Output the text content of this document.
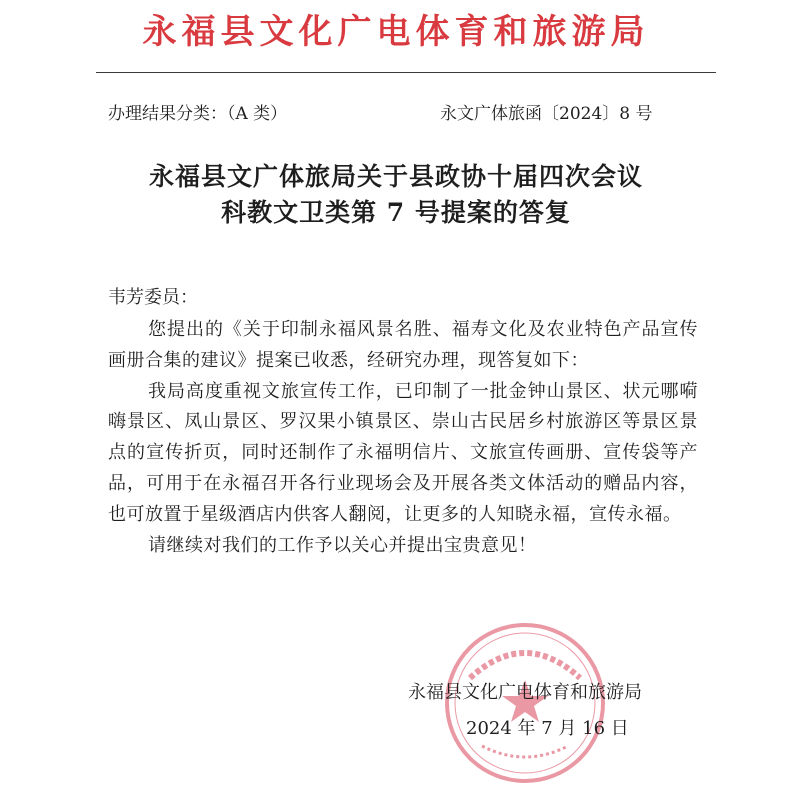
永福县文化广电体育和旅游局
办理结果分类：（A 类）	永文广体旅函〔2024〕8 号
永福县文广体旅局关于县政协十届四次会议
科教文卫类第 7 号提案的答复
韦芳委员：

您提出的《关于印制永福风景名胜、福寿文化及农业特色产品宣传画册合集的建议》提案已收悉，经研究办理，现答复如下：

我局高度重视文旅宣传工作，已印制了一批金钟山景区、状元哪嗬嗨景区、凤山景区、罗汉果小镇景区、崇山古民居乡村旅游区等景区景点的宣传折页，同时还制作了永福明信片、文旅宣传画册、宣传袋等产品，可用于在永福召开各行业现场会及开展各类文体活动的赠品内容，也可放置于星级酒店内供客人翻阅，让更多的人知晓永福，宣传永福。

请继续对我们的工作予以关心并提出宝贵意见！

永福县文化广电体育和旅游局
2024 年 7 月 16 日
